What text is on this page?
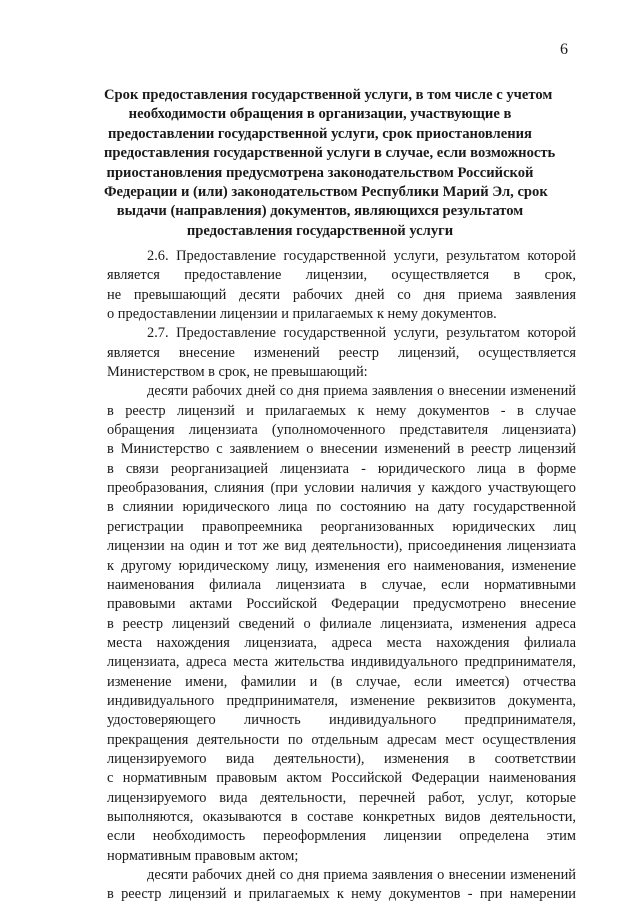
6
Срок предоставления государственной услуги, в том числе с учетом
необходимости обращения в организации, участвующие в
предоставлении государственной услуги, срок приостановления
предоставления государственной услуги в случае, если возможность
приостановления предусмотрена законодательством Российской
Федерации и (или) законодательством Республики Марий Эл, срок
выдачи (направления) документов, являющихся результатом
предоставления государственной услуги
2.6. Предоставление государственной услуги, результатом которой
является предоставление лицензии, осуществляется в срок,
не превышающий десяти рабочих дней со дня приема заявления
о предоставлении лицензии и прилагаемых к нему документов.
2.7. Предоставление государственной услуги, результатом которой
является внесение изменений реестр лицензий, осуществляется
Министерством в срок, не превышающий:
десяти рабочих дней со дня приема заявления о внесении изменений
в реестр лицензий и прилагаемых к нему документов - в случае
обращения лицензиата (уполномоченного представителя лицензиата)
в Министерство с заявлением о внесении изменений в реестр лицензий
в связи реорганизацией лицензиата - юридического лица в форме
преобразования, слияния (при условии наличия у каждого участвующего
в слиянии юридического лица по состоянию на дату государственной
регистрации правопреемника реорганизованных юридических лиц
лицензии на один и тот же вид деятельности), присоединения лицензиата
к другому юридическому лицу, изменения его наименования, изменение
наименования филиала лицензиата в случае, если нормативными
правовыми актами Российской Федерации предусмотрено внесение
в реестр лицензий сведений о филиале лицензиата, изменения адреса
места нахождения лицензиата, адреса места нахождения филиала
лицензиата, адреса места жительства индивидуального предпринимателя,
изменение имени, фамилии и (в случае, если имеется) отчества
индивидуального предпринимателя, изменение реквизитов документа,
удостоверяющего личность индивидуального предпринимателя,
прекращения деятельности по отдельным адресам мест осуществления
лицензируемого вида деятельности), изменения в соответствии
с нормативным правовым актом Российской Федерации наименования
лицензируемого вида деятельности, перечней работ, услуг, которые
выполняются, оказываются в составе конкретных видов деятельности,
если необходимость переоформления лицензии определена этим
нормативным правовым актом;
десяти рабочих дней со дня приема заявления о внесении изменений
в реестр лицензий и прилагаемых к нему документов - при намерении
